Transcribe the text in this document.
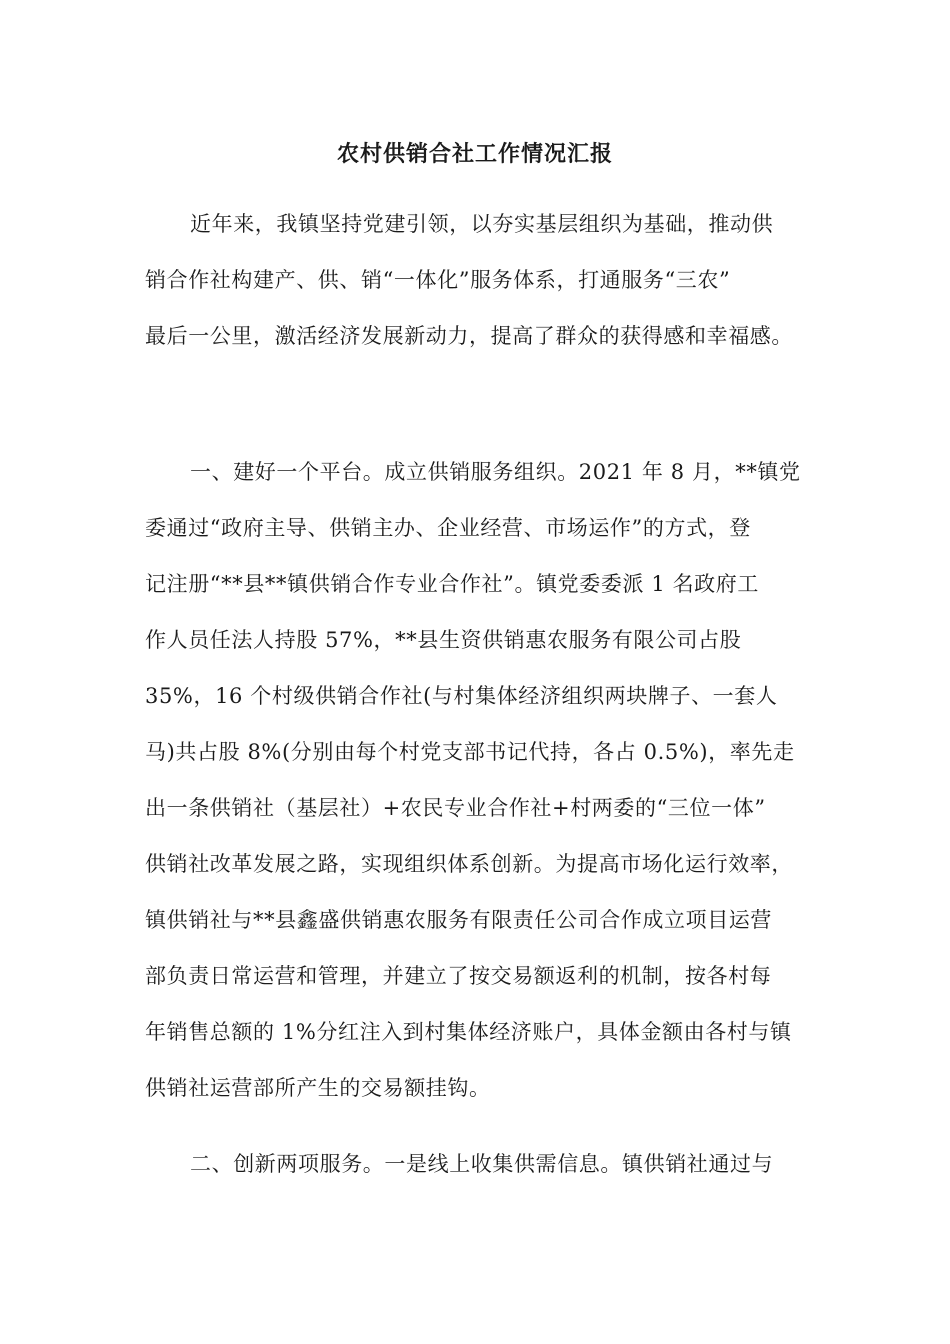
农村供销合社工作情况汇报
近年来，我镇坚持党建引领，以夯实基层组织为基础，推动供
销合作社构建产、供、销“一体化”服务体系，打通服务“三农”
最后一公里，激活经济发展新动力，提高了群众的获得感和幸福感。
一、建好一个平台。成立供销服务组织。2021 年 8 月，**镇党
委通过“政府主导、供销主办、企业经营、市场运作”的方式，登
记注册“**县**镇供销合作专业合作社”。镇党委委派 1 名政府工
作人员任法人持股 57%，**县生资供销惠农服务有限公司占股
35%，16 个村级供销合作社(与村集体经济组织两块牌子、一套人
马)共占股 8%(分别由每个村党支部书记代持，各占 0.5%)，率先走
出一条供销社（基层社）+农民专业合作社+村两委的“三位一体”
供销社改革发展之路，实现组织体系创新。为提高市场化运行效率，
镇供销社与**县鑫盛供销惠农服务有限责任公司合作成立项目运营
部负责日常运营和管理，并建立了按交易额返利的机制，按各村每
年销售总额的 1%分红注入到村集体经济账户，具体金额由各村与镇
供销社运营部所产生的交易额挂钩。
二、创新两项服务。一是线上收集供需信息。镇供销社通过与
